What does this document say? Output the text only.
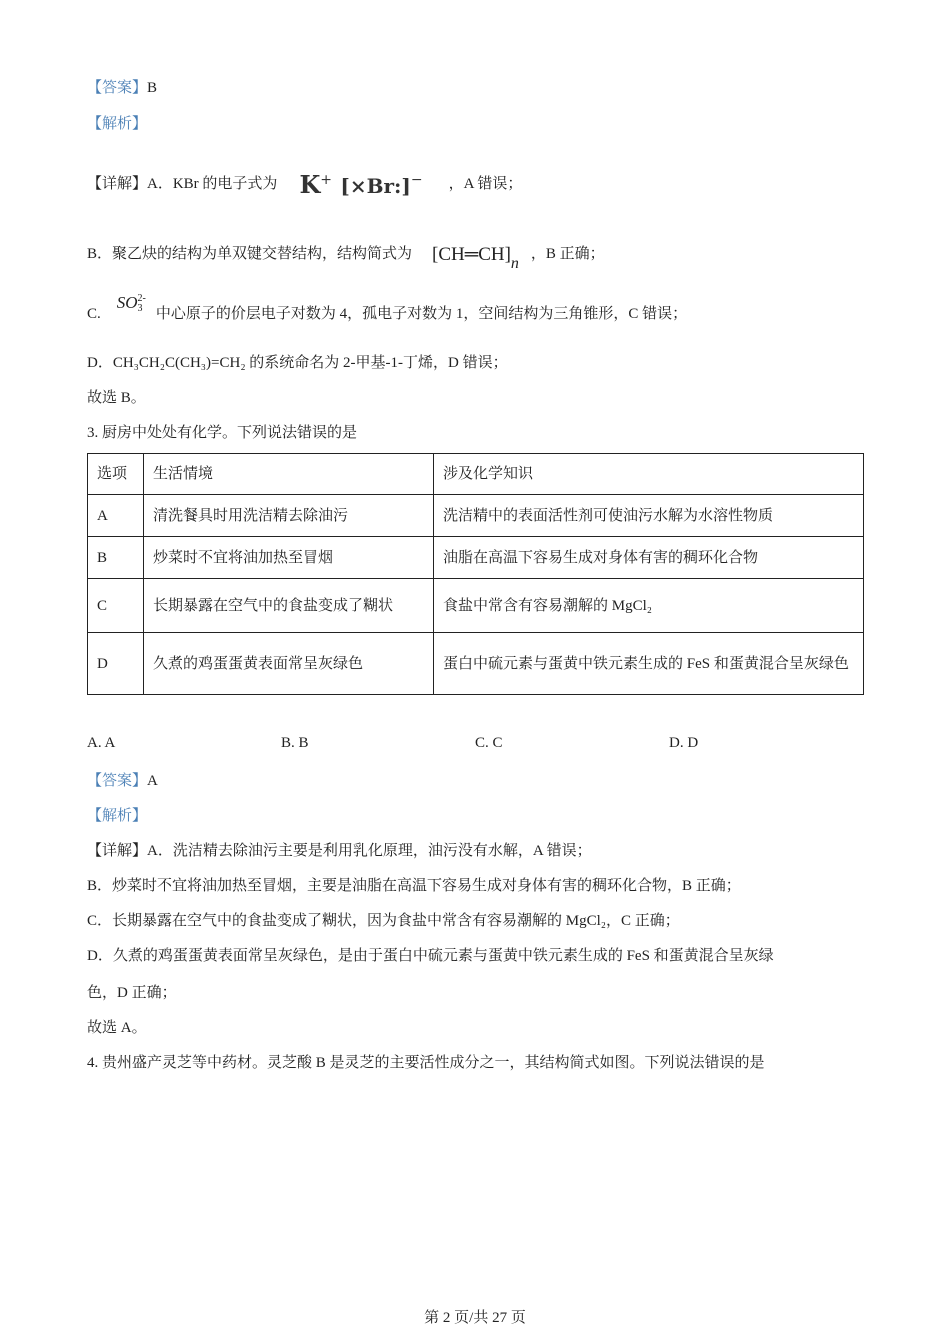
【答案】B
【解析】
【详解】A．KBr 的电子式为 K+ [×Br:]− ，A 错误；
B．聚乙炔的结构为单双键交替结构，结构简式为 $[CH═CH]_n$，B 正确；
C.SO2-
3 中心原子的价层电子对数为 4，孤电子对数为 1，空间结构为三角锥形，C 错误；
D．CH₃CH₂C(CH₃)=CH₂ 的系统命名为 2-甲基-1-丁烯，D 错误；
故选 B。
3. 厨房中处处有化学。下列说法错误的是
选项	生活情境	涉及化学知识
A	清洗餐具时用洗洁精去除油污	洗洁精中的表面活性剂可使油污水解为水溶性物质
B	炒菜时不宜将油加热至冒烟	油脂在高温下容易生成对身体有害的稠环化合物
C	长期暴露在空气中的食盐变成了糊状	食盐中常含有容易潮解的 MgCl₂
D	久煮的鸡蛋蛋黄表面常呈灰绿色	蛋白中硫元素与蛋黄中铁元素生成的 FeS 和蛋黄混合呈灰绿色
A. A	B. B	C. C	D. D
【答案】A
【解析】
【详解】A．洗洁精去除油污主要是利用乳化原理，油污没有水解，A 错误；
B．炒菜时不宜将油加热至冒烟，主要是油脂在高温下容易生成对身体有害的稠环化合物，B 正确；
C．长期暴露在空气中的食盐变成了糊状，因为食盐中常含有容易潮解的 MgCl₂，C 正确；
D．久煮的鸡蛋蛋黄表面常呈灰绿色，是由于蛋白中硫元素与蛋黄中铁元素生成的 FeS 和蛋黄混合呈灰绿
色，D 正确；
故选 A。
4. 贵州盛产灵芝等中药材。灵芝酸 B 是灵芝的主要活性成分之一，其结构简式如图。下列说法错误的是
第 2 页/共 27 页
